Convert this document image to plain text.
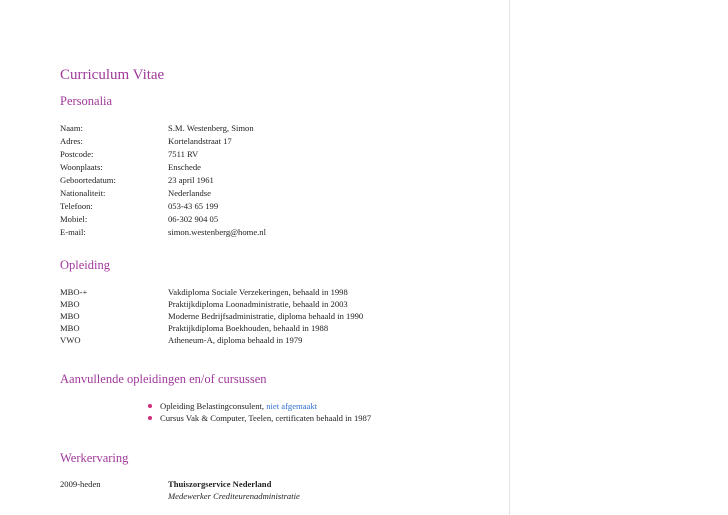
Curriculum Vitae
Personalia
Naam:	S.M. Westenberg, Simon
Adres:	Kortelandstraat 17
Postcode:	7511 RV
Woonplaats:	Enschede
Geboortedatum:	23 april 1961
Nationaliteit:	Nederlandse
Telefoon:	053-43 65 199
Mobiel:	06-302 904 05
E-mail:	simon.westenberg@home.nl
Opleiding
MBO-+	Vakdiploma Sociale Verzekeringen, behaald in 1998
MBO	Praktijkdiploma Loonadministratie, behaald in 2003
MBO	Moderne Bedrijfsadministratie, diploma behaald in 1990
MBO	Praktijkdiploma Boekhouden, behaald in 1988
VWO	Atheneum-A, diploma behaald in 1979
Aanvullende opleidingen en/of cursussen
Opleiding Belastingconsulent, niet afgemaakt
Cursus Vak & Computer, Teelen, certificaten behaald in 1987
Werkervaring
2009-heden	Thuiszorgservice Nederland
Medewerker Crediteurenadministratie
